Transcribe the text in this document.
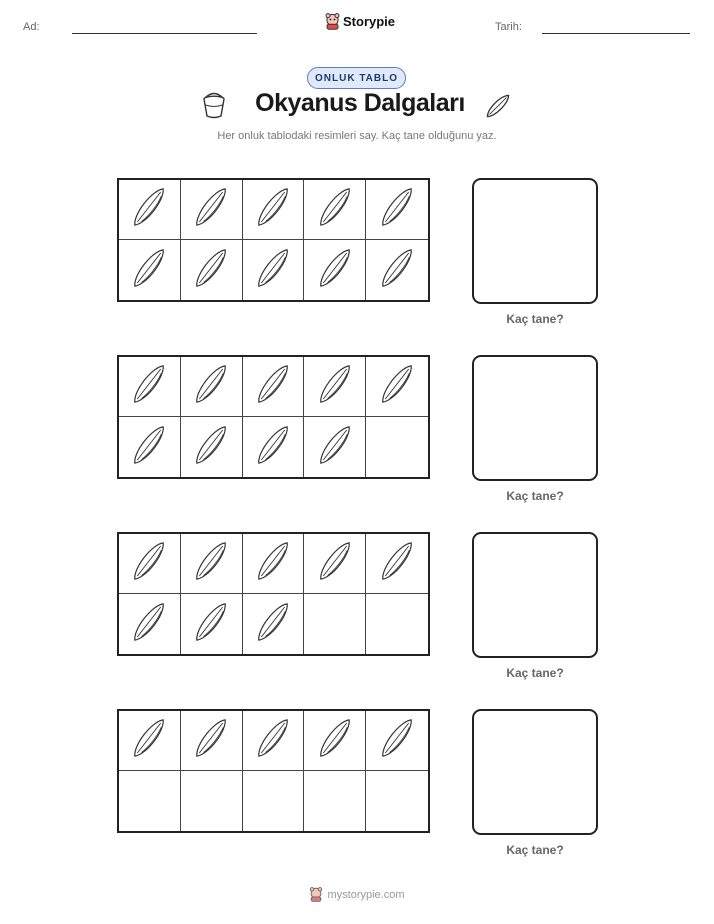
Ad:	Storypie	Tarih:
ONLUK TABLO
Okyanus Dalgaları
Her onluk tablodaki resimleri say. Kaç tane olduğunu yaz.
Kaç tane?
Kaç tane?
Kaç tane?
Kaç tane?
mystorypie.com
